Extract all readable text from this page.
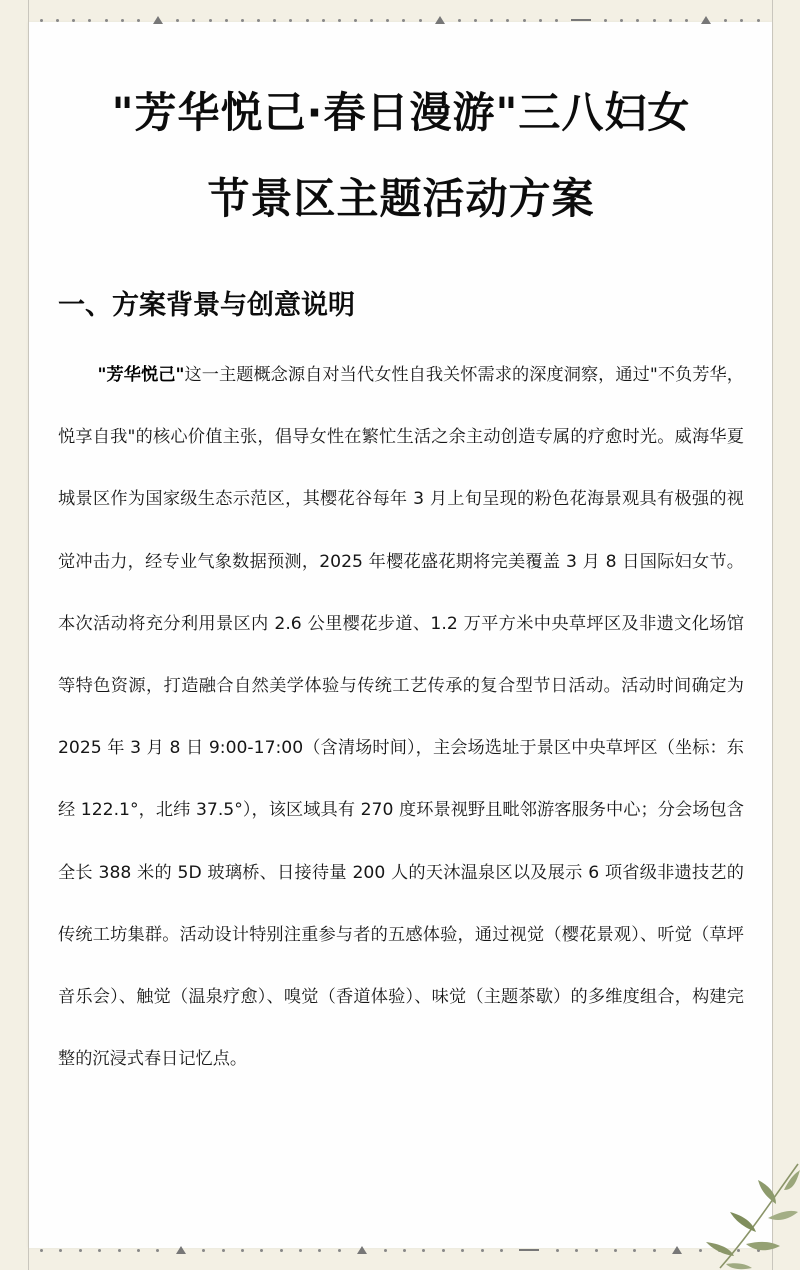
"芳华悦己·春日漫游"三八妇女
节景区主题活动方案
一、方案背景与创意说明

"芳华悦己"这一主题概念源自对当代女性自我关怀需求的深度洞察，通过"不负芳华，悦享自我"的核心价值主张，倡导女性在繁忙生活之余主动创造专属的疗愈时光。威海华夏城景区作为国家级生态示范区，其樱花谷每年 3 月上旬呈现的粉色花海景观具有极强的视觉冲击力，经专业气象数据预测，2025 年樱花盛花期将完美覆盖 3 月 8 日国际妇女节。本次活动将充分利用景区内 2.6 公里樱花步道、1.2 万平方米中央草坪区及非遗文化场馆等特色资源，打造融合自然美学体验与传统工艺传承的复合型节日活动。活动时间确定为 2025 年 3 月 8 日 9:00-17:00（含清场时间），主会场选址于景区中央草坪区（坐标：东经 122.1°，北纬 37.5°），该区域具有 270 度环景视野且毗邻游客服务中心；分会场包含全长 388 米的 5D 玻璃桥、日接待量 200 人的天沐温泉区以及展示 6 项省级非遗技艺的传统工坊集群。活动设计特别注重参与者的五感体验，通过视觉（樱花景观）、听觉（草坪音乐会）、触觉（温泉疗愈）、嗅觉（香道体验）、味觉（主题茶歇）的多维度组合，构建完整的沉浸式春日记忆点。
